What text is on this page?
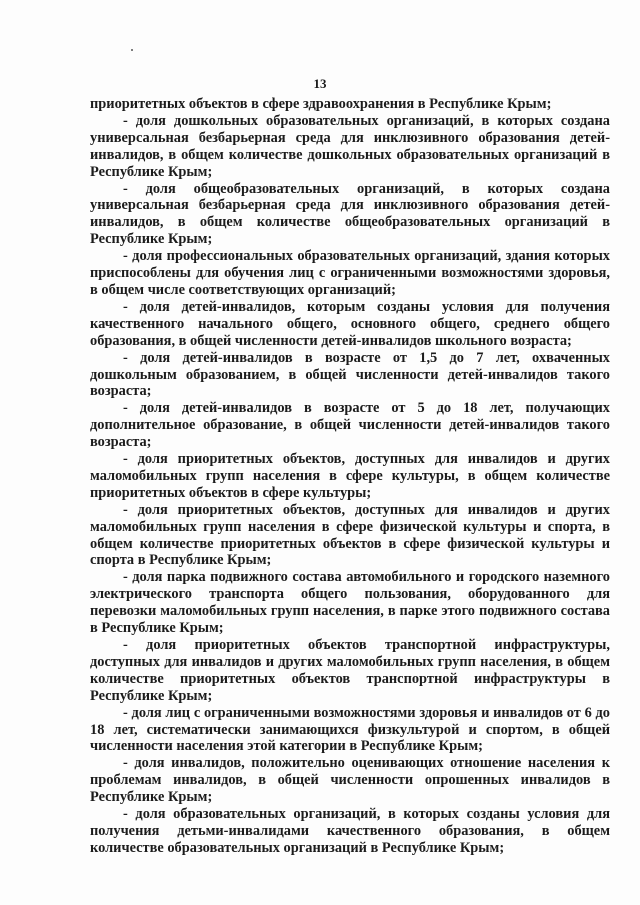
13

приоритетных объектов в сфере здравоохранения в Республике Крым;

- доля дошкольных образовательных организаций, в которых создана универсальная безбарьерная среда для инклюзивного образования детей-инвалидов, в общем количестве дошкольных образовательных организаций в Республике Крым;

- доля общеобразовательных организаций, в которых создана универсальная безбарьерная среда для инклюзивного образования детей-инвалидов, в общем количестве общеобразовательных организаций в Республике Крым;

- доля профессиональных образовательных организаций, здания которых приспособлены для обучения лиц с ограниченными возможностями здоровья, в общем числе соответствующих организаций;

- доля детей-инвалидов, которым созданы условия для получения качественного начального общего, основного общего, среднего общего образования, в общей численности детей-инвалидов школьного возраста;

- доля детей-инвалидов в возрасте от 1,5 до 7 лет, охваченных дошкольным образованием, в общей численности детей-инвалидов такого возраста;

- доля детей-инвалидов в возрасте от 5 до 18 лет, получающих дополнительное образование, в общей численности детей-инвалидов такого возраста;

- доля приоритетных объектов, доступных для инвалидов и других маломобильных групп населения в сфере культуры, в общем количестве приоритетных объектов в сфере культуры;

- доля приоритетных объектов, доступных для инвалидов и других маломобильных групп населения в сфере физической культуры и спорта, в общем количестве приоритетных объектов в сфере физической культуры и спорта в Республике Крым;

- доля парка подвижного состава автомобильного и городского наземного электрического транспорта общего пользования, оборудованного для перевозки маломобильных групп населения, в парке этого подвижного состава в Республике Крым;

- доля приоритетных объектов транспортной инфраструктуры, доступных для инвалидов и других маломобильных групп населения, в общем количестве приоритетных объектов транспортной инфраструктуры в Республике Крым;

- доля лиц с ограниченными возможностями здоровья и инвалидов от 6 до 18 лет, систематически занимающихся физкультурой и спортом, в общей численности населения этой категории в Республике Крым;

- доля инвалидов, положительно оценивающих отношение населения к проблемам инвалидов, в общей численности опрошенных инвалидов в Республике Крым;

- доля образовательных организаций, в которых созданы условия для получения детьми-инвалидами качественного образования, в общем количестве образовательных организаций в Республике Крым;
